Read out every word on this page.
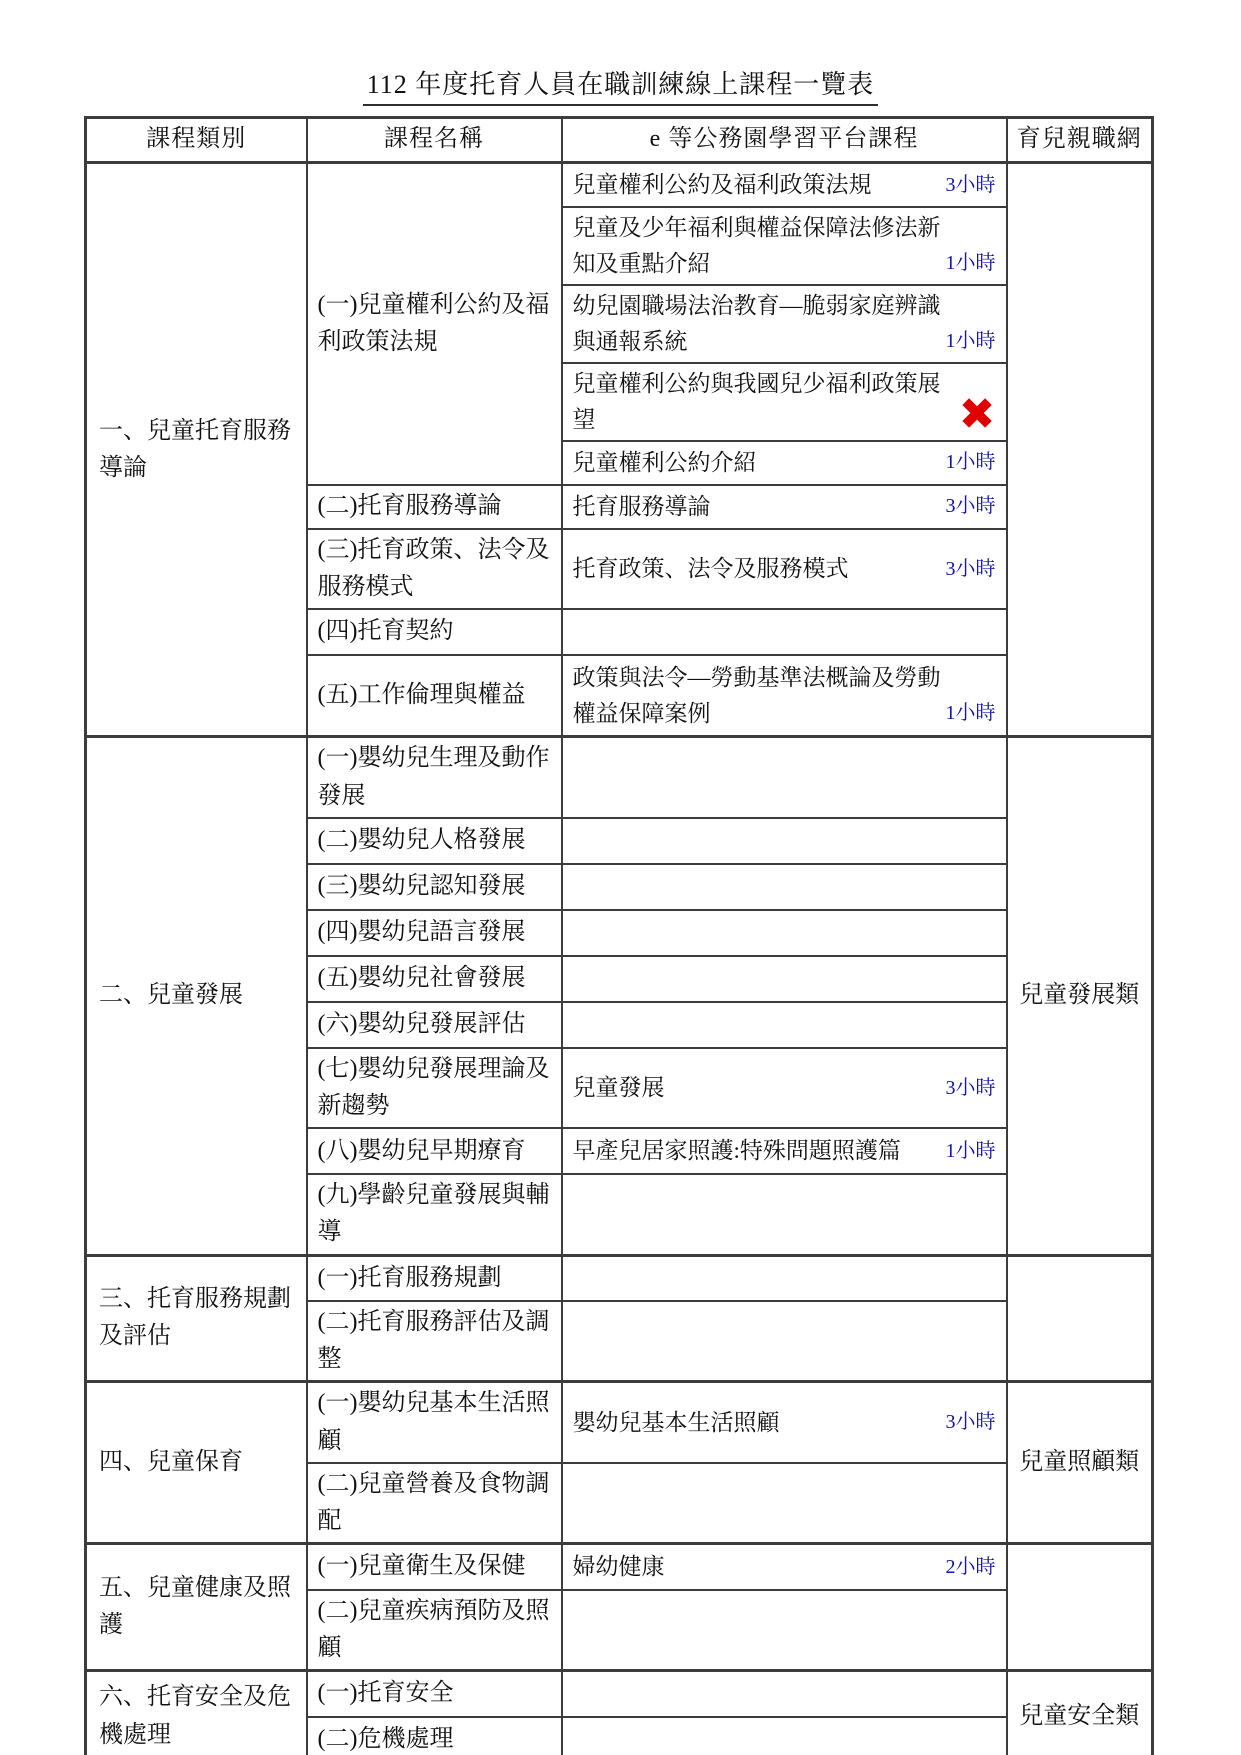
112 年度托育人員在職訓練線上課程一覽表
課程類別	課程名稱	e 等公務園學習平台課程	育兒親職網
一、兒童托育服務導論	(一)兒童權利公約及福利政策法規	兒童權利公約及福利政策法規 3小時	

		兒童及少年福利與權益保障法修法新知及重點介紹 1小時	

		幼兒園職場法治教育—脆弱家庭辨識與通報系統 1小時	

		兒童權利公約與我國兒少福利政策展望 ✖	

		兒童權利公約介紹 1小時	

	(二)托育服務導論	托育服務導論 3小時	

	(三)托育政策、法令及服務模式	托育政策、法令及服務模式 3小時	

	(四)托育契約		
	(五)工作倫理與權益	政策與法令—勞動基準法概論及勞動權益保障案例 1小時	

二、兒童發展	(一)嬰幼兒生理及動作發展		兒童發展類
	(二)嬰幼兒人格發展		
	(三)嬰幼兒認知發展		
	(四)嬰幼兒語言發展		
	(五)嬰幼兒社會發展		
	(六)嬰幼兒發展評估		
	(七)嬰幼兒發展理論及新趨勢	兒童發展 3小時	

	(八)嬰幼兒早期療育	早產兒居家照護:特殊問題照護篇 1小時	

	(九)學齡兒童發展與輔導		
三、托育服務規劃及評估	(一)托育服務規劃		
	(二)托育服務評估及調整		
四、兒童保育	(一)嬰幼兒基本生活照顧	嬰幼兒基本生活照顧 3小時	兒童照顧類
	(二)兒童營養及食物調配		
五、兒童健康及照護	(一)兒童衛生及保健	婦幼健康 2小時	

	(二)兒童疾病預防及照顧		
六、托育安全及危機處理	(一)托育安全		兒童安全類
	(二)危機處理		
